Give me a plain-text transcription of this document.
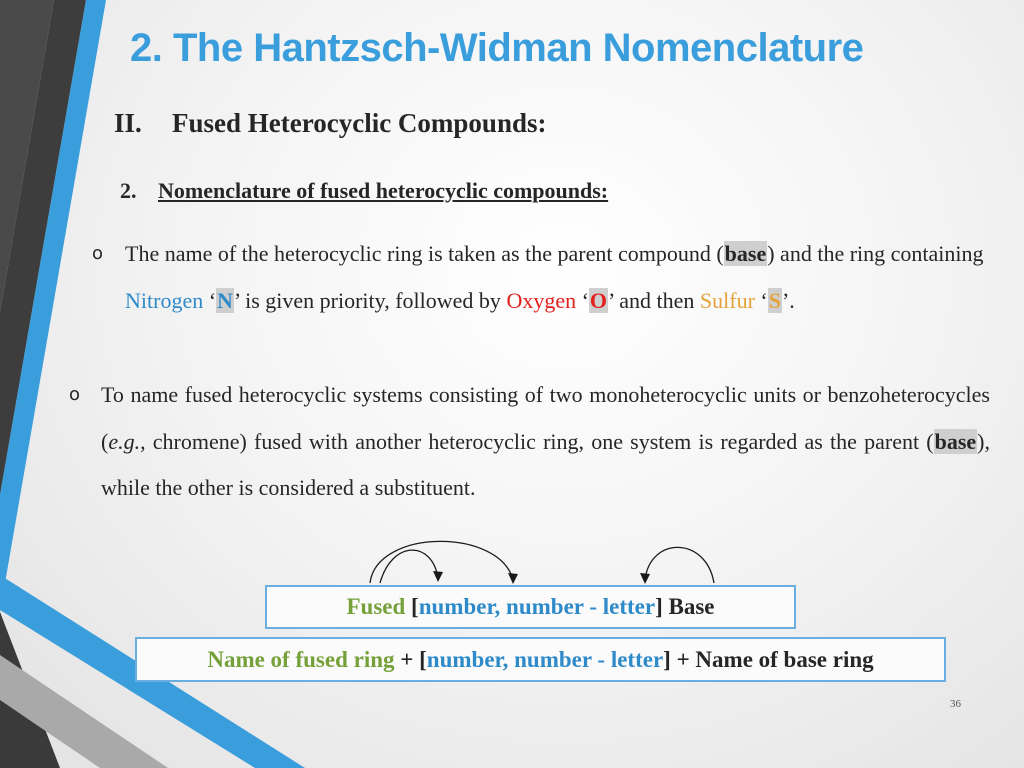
2. The Hantzsch-Widman Nomenclature
II. Fused Heterocyclic Compounds:
2. Nomenclature of fused heterocyclic compounds:
o The name of the heterocyclic ring is taken as the parent compound (base) and the ring containing Nitrogen ‘N’ is given priority, followed by Oxygen ‘O’ and then Sulfur ‘S’.
o To name fused heterocyclic systems consisting of two monoheterocyclic units or benzoheterocycles (e.g., chromene) fused with another heterocyclic ring, one system is regarded as the parent (base), while the other is considered a substituent.
Fused [number, number - letter] Base
Name of fused ring + [number, number - letter] + Name of base ring
36
